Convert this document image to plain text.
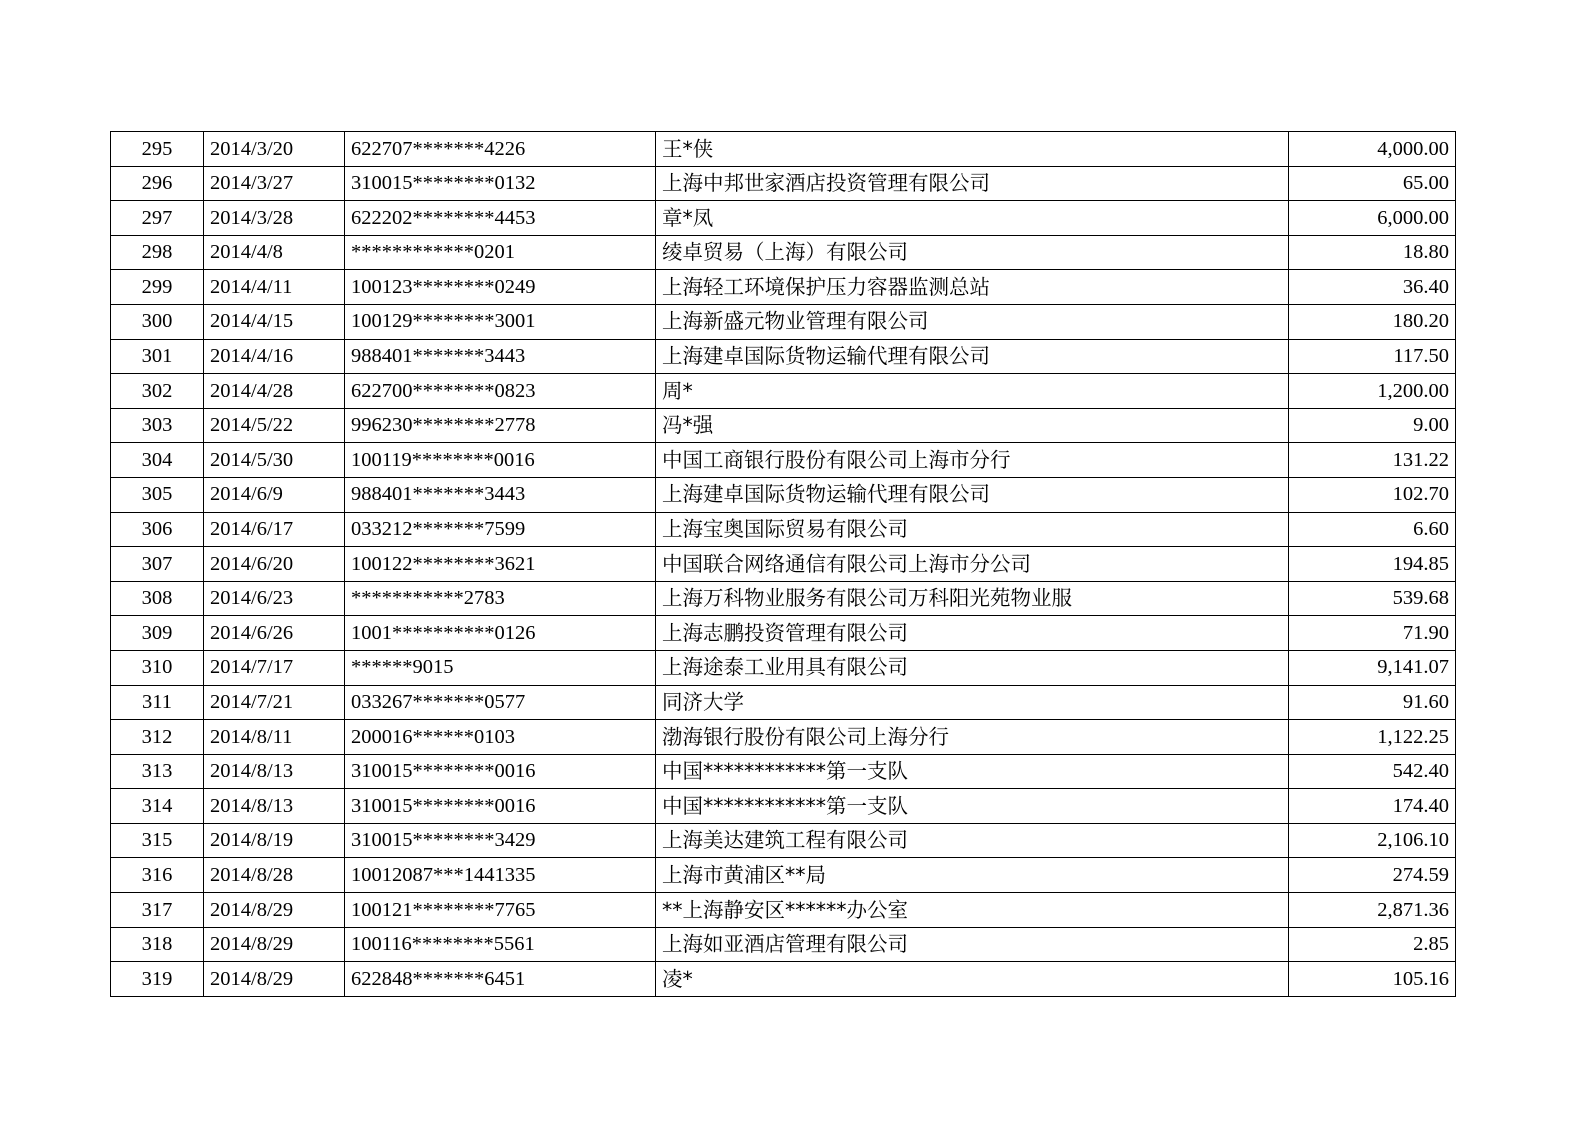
295	2014/3/20	622707*******4226	王*侠	4,000.00
296	2014/3/27	310015********0132	上海中邦世家酒店投资管理有限公司	65.00
297	2014/3/28	622202********4453	章*凤	6,000.00
298	2014/4/8	************0201	绫卓贸易（上海）有限公司	18.80
299	2014/4/11	100123********0249	上海轻工环境保护压力容器监测总站	36.40
300	2014/4/15	100129********3001	上海新盛元物业管理有限公司	180.20
301	2014/4/16	988401*******3443	上海建卓国际货物运输代理有限公司	117.50
302	2014/4/28	622700********0823	周*	1,200.00
303	2014/5/22	996230********2778	冯*强	9.00
304	2014/5/30	100119********0016	中国工商银行股份有限公司上海市分行	131.22
305	2014/6/9	988401*******3443	上海建卓国际货物运输代理有限公司	102.70
306	2014/6/17	033212*******7599	上海宝奥国际贸易有限公司	6.60
307	2014/6/20	100122********3621	中国联合网络通信有限公司上海市分公司	194.85
308	2014/6/23	***********2783	上海万科物业服务有限公司万科阳光苑物业服	539.68
309	2014/6/26	1001**********0126	上海志鹏投资管理有限公司	71.90
310	2014/7/17	******9015	上海途泰工业用具有限公司	9,141.07
311	2014/7/21	033267*******0577	同济大学	91.60
312	2014/8/11	200016******0103	渤海银行股份有限公司上海分行	1,122.25
313	2014/8/13	310015********0016	中国************第一支队	542.40
314	2014/8/13	310015********0016	中国************第一支队	174.40
315	2014/8/19	310015********3429	上海美达建筑工程有限公司	2,106.10
316	2014/8/28	10012087***1441335	上海市黄浦区**局	274.59
317	2014/8/29	100121********7765	**上海静安区******办公室	2,871.36
318	2014/8/29	100116********5561	上海如亚酒店管理有限公司	2.85
319	2014/8/29	622848*******6451	凌*	105.16
